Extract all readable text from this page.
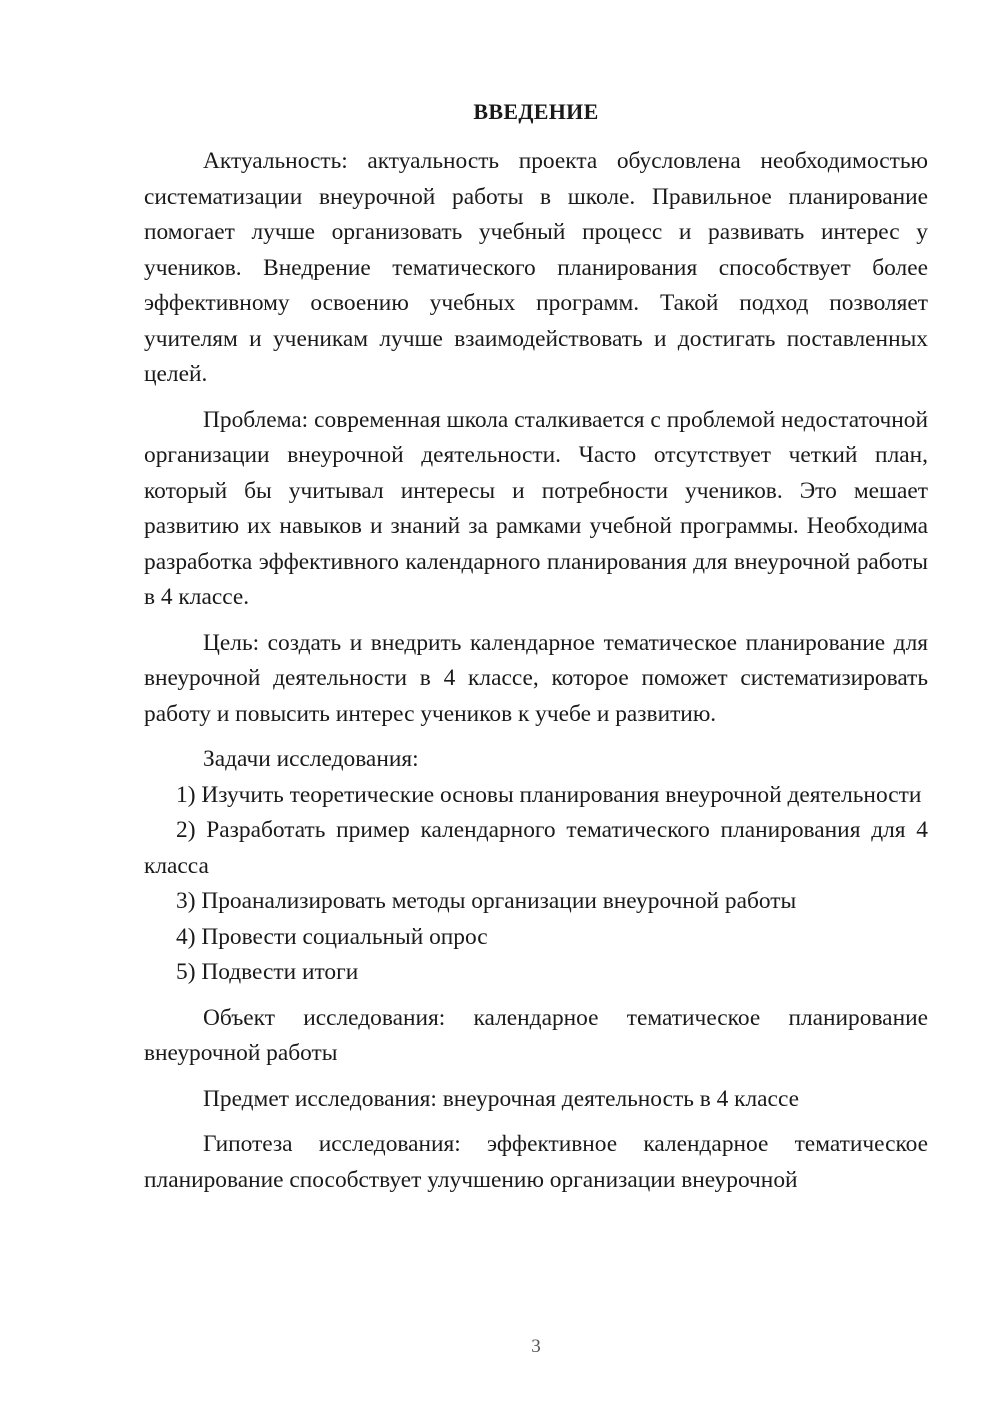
ВВЕДЕНИЕ

Актуальность: актуальность проекта обусловлена необходимостью систематизации внеурочной работы в школе. Правильное планирование помогает лучше организовать учебный процесс и развивать интерес у учеников. Внедрение тематического планирования способствует более эффективному освоению учебных программ. Такой подход позволяет учителям и ученикам лучше взаимодействовать и достигать поставленных целей.

Проблема: современная школа сталкивается с проблемой недостаточной организации внеурочной деятельности. Часто отсутствует четкий план, который бы учитывал интересы и потребности учеников. Это мешает развитию их навыков и знаний за рамками учебной программы. Необходима разработка эффективного календарного планирования для внеурочной работы в 4 классе.

Цель: создать и внедрить календарное тематическое планирование для внеурочной деятельности в 4 классе, которое поможет систематизировать работу и повысить интерес учеников к учебе и развитию.

Задачи исследования:

1) Изучить теоретические основы планирования внеурочной деятельности

2) Разработать пример календарного тематического планирования для 4 класса

3) Проанализировать методы организации внеурочной работы

4) Провести социальный опрос

5) Подвести итоги

Объект исследования: календарное тематическое планирование внеурочной работы

Предмет исследования: внеурочная деятельность в 4 классе

Гипотеза исследования: эффективное календарное тематическое планирование способствует улучшению организации внеурочной

3
